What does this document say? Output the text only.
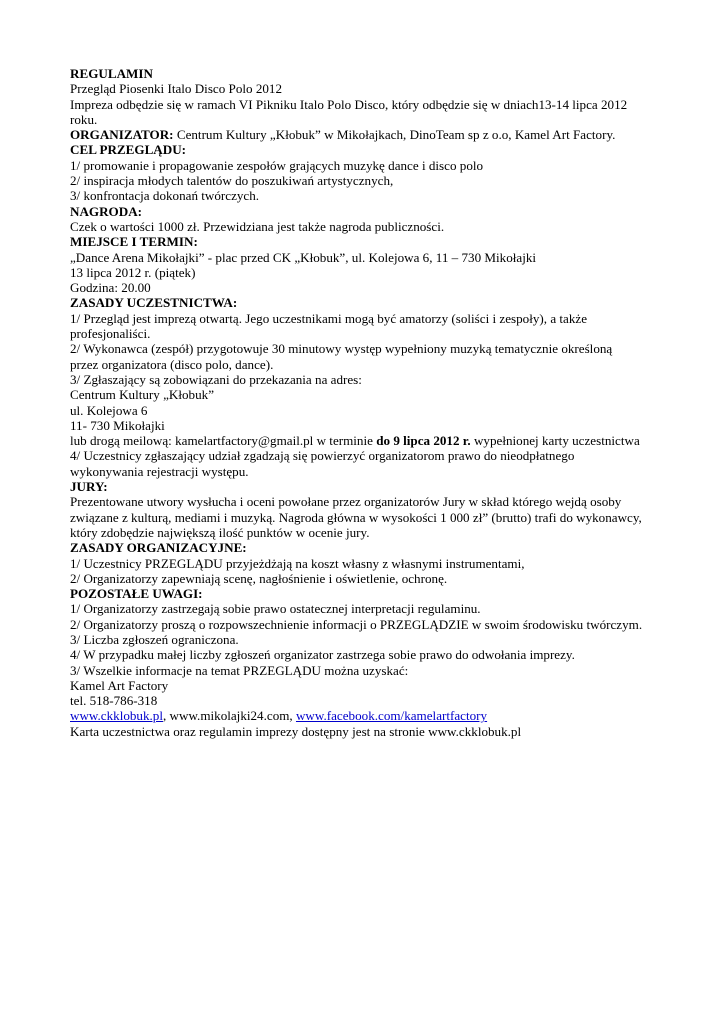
REGULAMIN
Przegląd Piosenki Italo Disco Polo 2012
Impreza odbędzie się w ramach VI Pikniku Italo Polo Disco, który odbędzie się w dniach13-14 lipca 2012
roku.
ORGANIZATOR: Centrum Kultury „Kłobuk” w Mikołajkach, DinoTeam sp z o.o, Kamel Art Factory.
CEL PRZEGLĄDU:
1/ promowanie i propagowanie zespołów grających muzykę dance i disco polo
2/ inspiracja młodych talentów do poszukiwań artystycznych,
3/ konfrontacja dokonań twórczych.
NAGRODA:
Czek o wartości 1000 zł. Przewidziana jest także nagroda publiczności.
MIEJSCE I TERMIN:
„Dance Arena Mikołajki” - plac przed CK „Kłobuk”, ul. Kolejowa 6, 11 – 730 Mikołajki
13 lipca 2012 r. (piątek)
Godzina: 20.00
ZASADY UCZESTNICTWA:
1/ Przegląd jest imprezą otwartą. Jego uczestnikami mogą być amatorzy (soliści i zespoły), a także
profesjonaliści.
2/ Wykonawca (zespół) przygotowuje 30 minutowy występ wypełniony muzyką tematycznie określoną
przez organizatora (disco polo, dance).
3/ Zgłaszający są zobowiązani do przekazania na adres:
Centrum Kultury „Kłobuk”
ul. Kolejowa 6
11- 730 Mikołajki
lub drogą meilową: kamelartfactory@gmail.pl w terminie do 9 lipca 2012 r. wypełnionej karty uczestnictwa
4/ Uczestnicy zgłaszający udział zgadzają się powierzyć organizatorom prawo do nieodpłatnego
wykonywania rejestracji występu.
JURY:
Prezentowane utwory wysłucha i oceni powołane przez organizatorów Jury w skład którego wejdą osoby
związane z kulturą, mediami i muzyką. Nagroda główna w wysokości 1 000 zł” (brutto) trafi do wykonawcy,
który zdobędzie największą ilość punktów w ocenie jury.
ZASADY ORGANIZACYJNE:
1/ Uczestnicy PRZEGLĄDU przyjeżdżają na koszt własny z własnymi instrumentami,
2/ Organizatorzy zapewniają scenę, nagłośnienie i oświetlenie, ochronę.
POZOSTAŁE UWAGI:
1/ Organizatorzy zastrzegają sobie prawo ostatecznej interpretacji regulaminu.
2/ Organizatorzy proszą o rozpowszechnienie informacji o PRZEGLĄDZIE w swoim środowisku twórczym.
3/ Liczba zgłoszeń ograniczona.
4/ W przypadku małej liczby zgłoszeń organizator zastrzega sobie prawo do odwołania imprezy.
3/ Wszelkie informacje na temat PRZEGLĄDU można uzyskać:
Kamel Art Factory
tel. 518-786-318
www.ckklobuk.pl, www.mikolajki24.com, www.facebook.com/kamelartfactory
Karta uczestnictwa oraz regulamin imprezy dostępny jest na stronie www.ckklobuk.pl
